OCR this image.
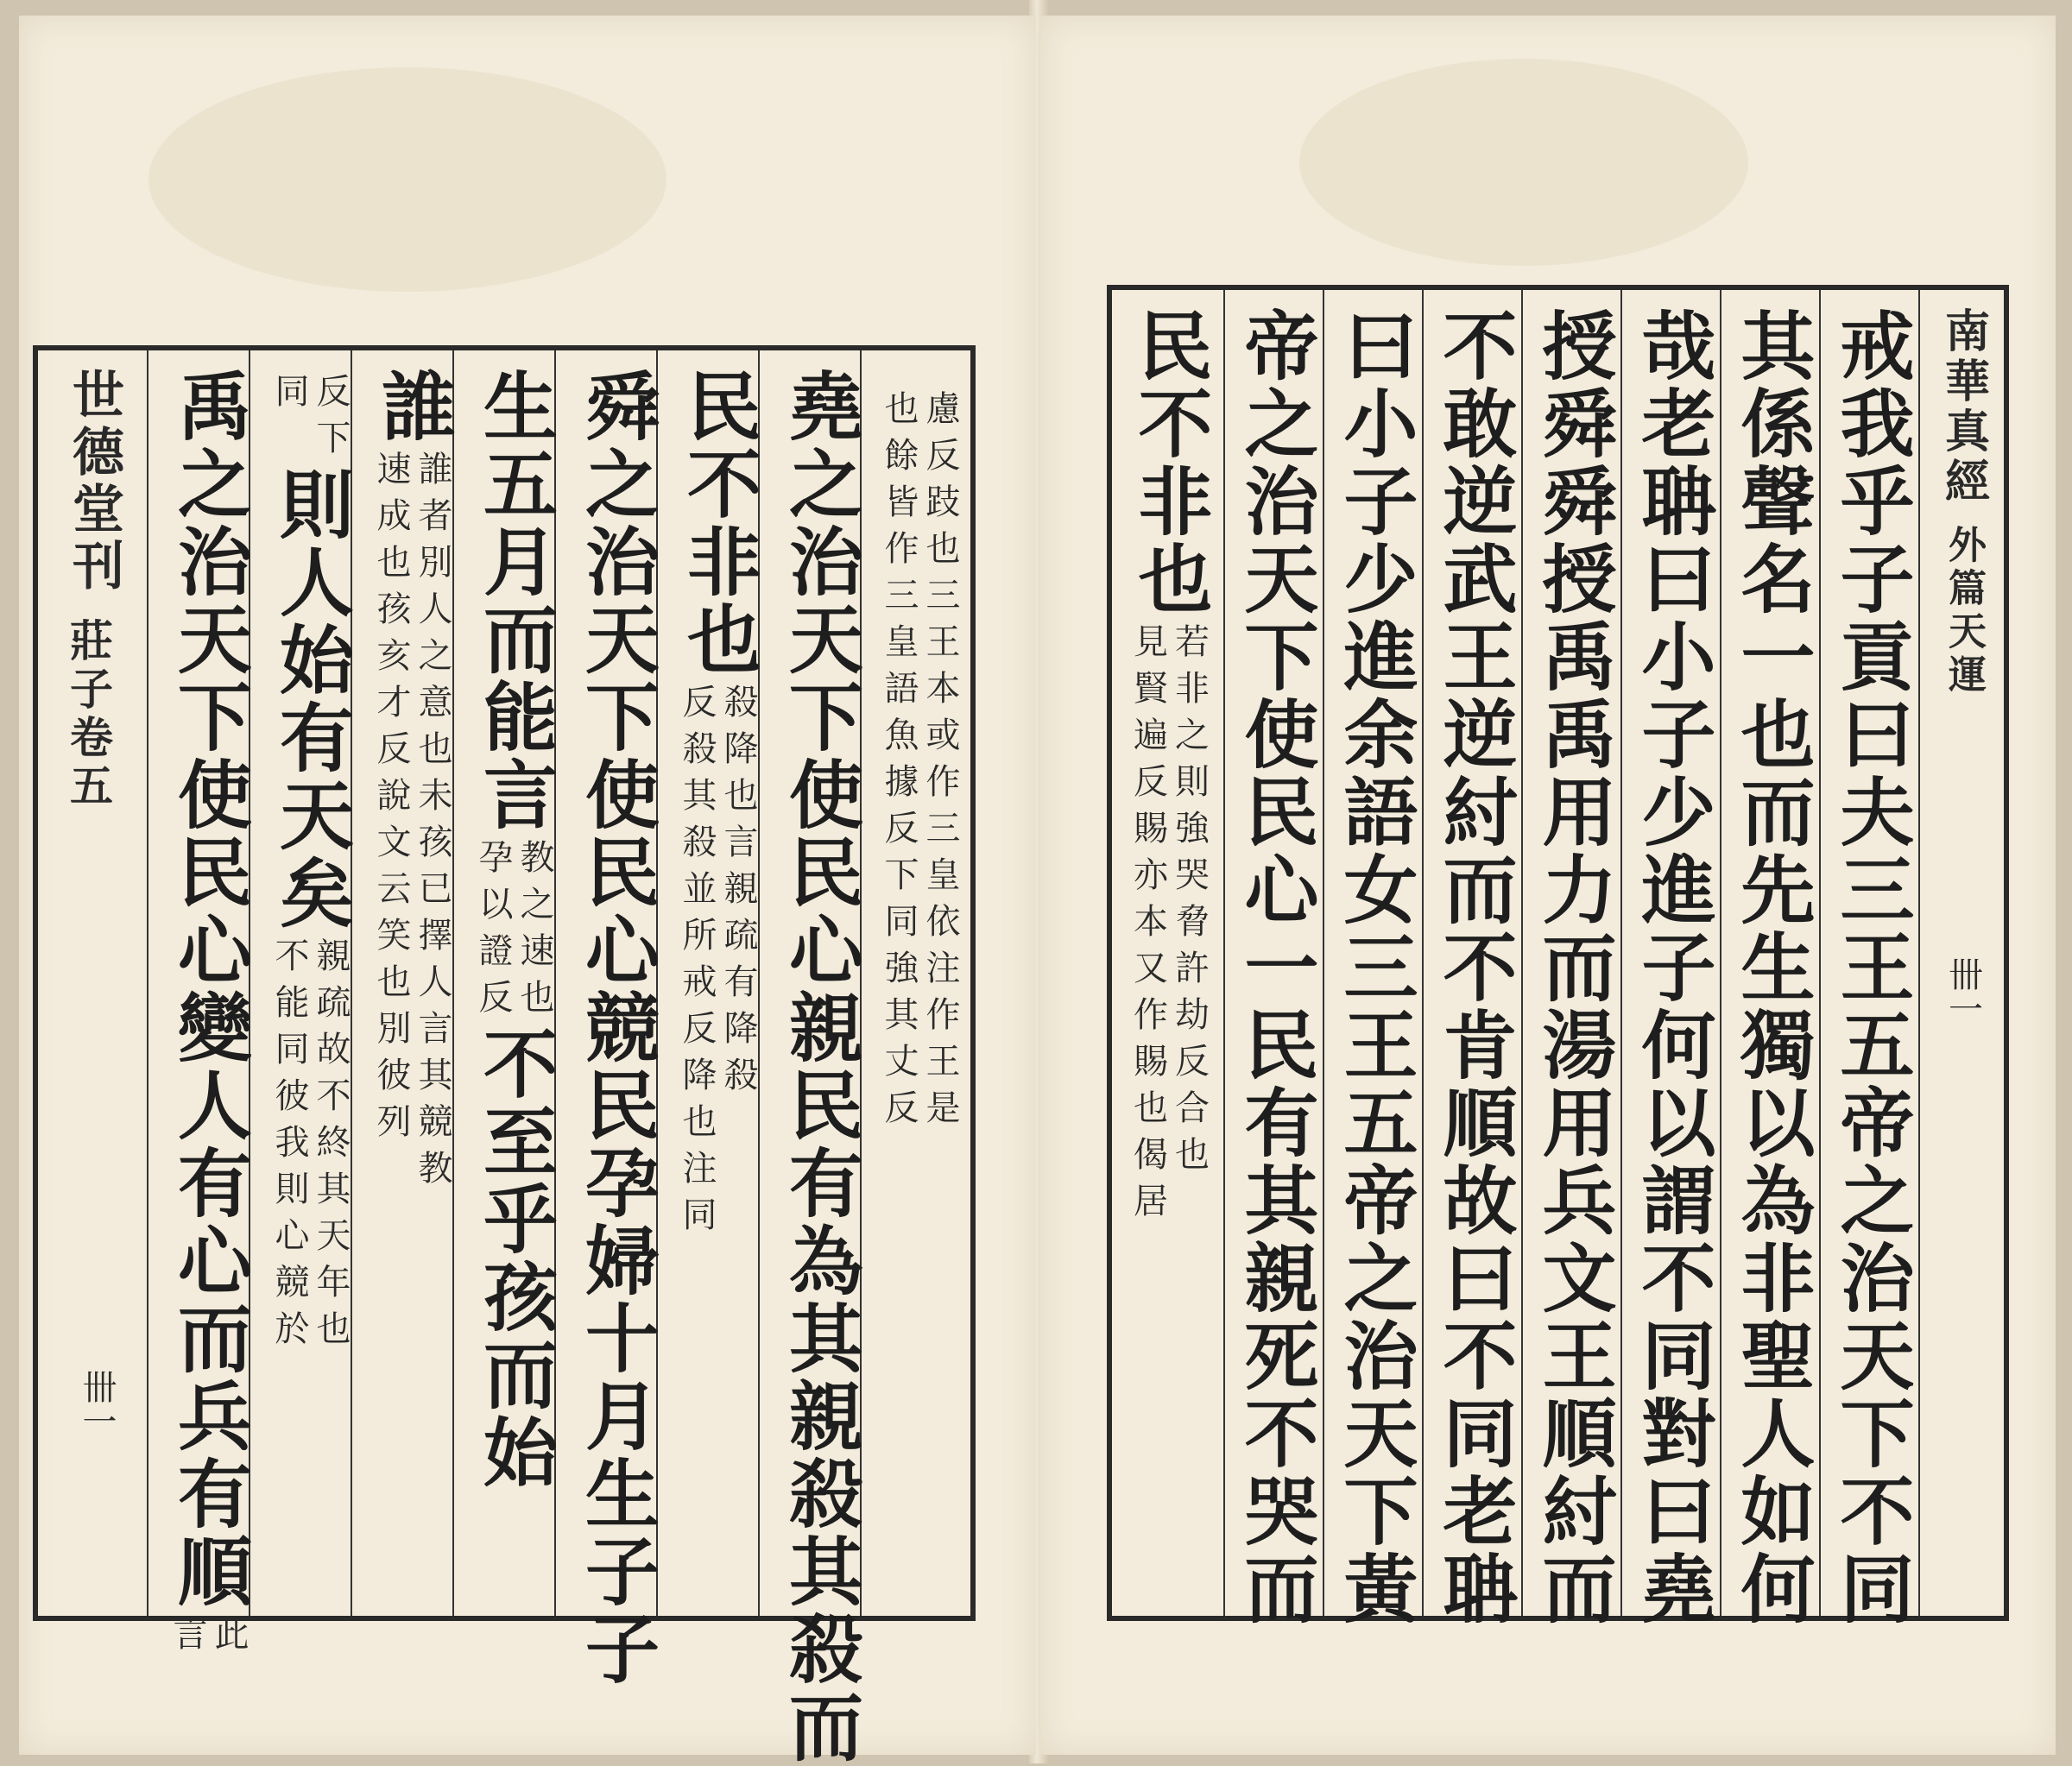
慮反跂也三王本或作三皇依注作王是
也餘皆作三皇語魚據反下同強其丈反
堯之治天下使民心親民有為其親殺其殺而
民不非也
殺降也言親疏有降殺
反殺其殺並所戒反降也注同
舜之治天下使民心競民孕婦十月生子子
生五月而能言
教之速也
孕以證反
不至乎孩而始
誰
誰者別人之意也未孩已擇人言其競教
速成也孩亥才反說文云笑也別彼列
反下
同
則人始有天矣
親疏故不終其天年也
不能同彼我則心競於
禹之治天下使民心變人有心而兵有順
此
言
世德堂刊
莊子卷五
卌一
南華真經
外篇天運
卌一
戒我乎子貢曰夫三王五帝之治天下不同
其係聲名一也而先生獨以為非聖人如何
哉老聃曰小子少進子何以謂不同對曰堯
授舜舜授禹禹用力而湯用兵文王順紂而
不敢逆武王逆紂而不肯順故曰不同老聃
曰小子少進余語女三王五帝之治天下黃
帝之治天下使民心一民有其親死不哭而
民不非也
若非之則強哭脅許劫反合也
見賢遍反賜亦本又作賜也偈居
